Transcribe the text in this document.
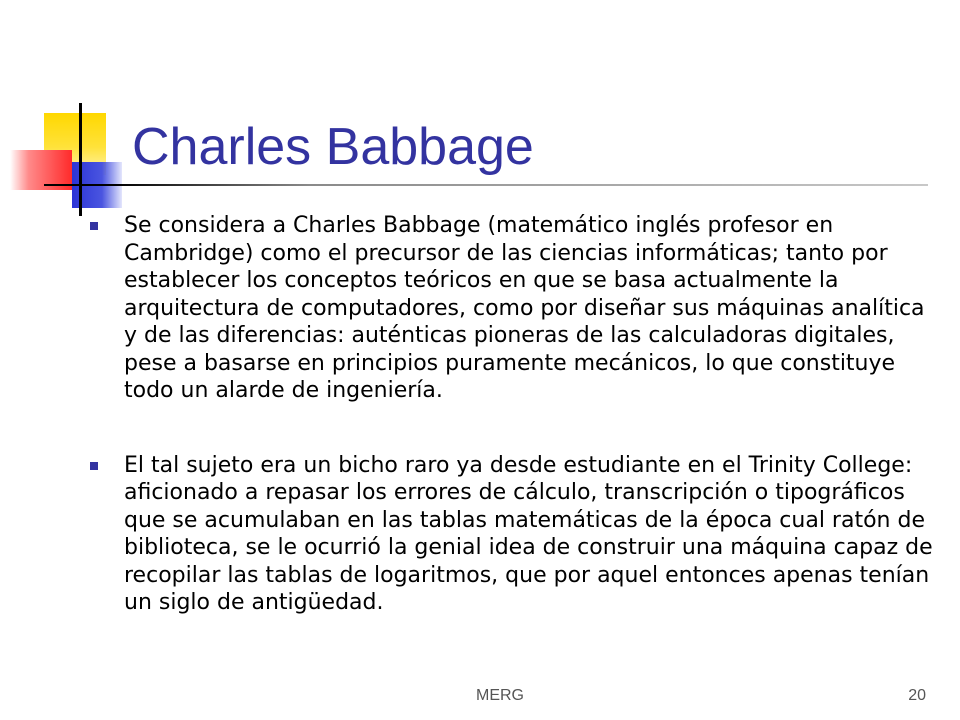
Charles Babbage

Se considera a Charles Babbage (matemático inglés profesor en Cambridge) como el precursor de las ciencias informáticas; tanto por establecer los conceptos teóricos en que se basa actualmente la arquitectura de computadores, como por diseñar sus máquinas analítica y de las diferencias: auténticas pioneras de las calculadoras digitales, pese a basarse en principios puramente mecánicos, lo que constituye todo un alarde de ingeniería.

El tal sujeto era un bicho raro ya desde estudiante en el Trinity College: aficionado a repasar los errores de cálculo, transcripción o tipográficos que se acumulaban en las tablas matemáticas de la época cual ratón de biblioteca, se le ocurrió la genial idea de construir una máquina capaz de recopilar las tablas de logaritmos, que por aquel entonces apenas tenían un siglo de antigüedad.

MERG	20
